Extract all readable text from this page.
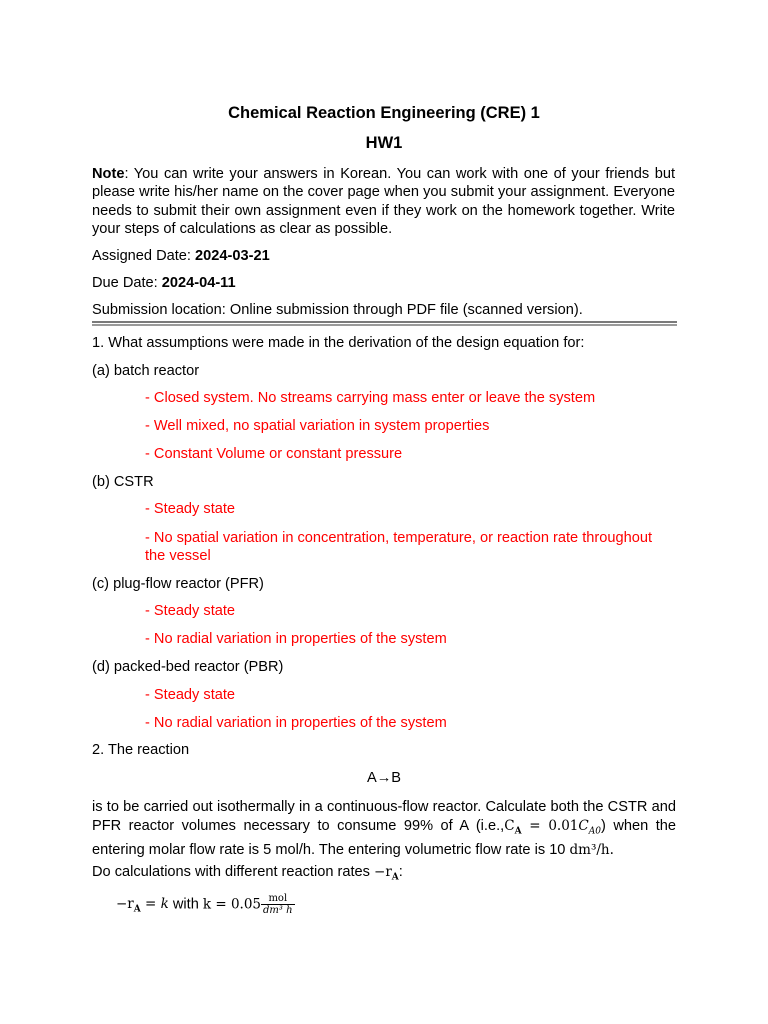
Chemical Reaction Engineering (CRE) 1
HW1
Note: You can write your answers in Korean. You can work with one of your friends but please write his/her name on the cover page when you submit your assignment. Everyone needs to submit their own assignment even if they work on the homework together. Write your steps of calculations as clear as possible.
Assigned Date: 2024-03-21
Due Date: 2024-04-11
Submission location: Online submission through PDF file (scanned version).
1. What assumptions were made in the derivation of the design equation for:
(a) batch reactor
- Closed system. No streams carrying mass enter or leave the system
- Well mixed, no spatial variation in system properties
- Constant Volume or constant pressure
(b) CSTR
- Steady state
- No spatial variation in concentration, temperature, or reaction rate throughout
the vessel
(c) plug-flow reactor (PFR)
- Steady state
- No radial variation in properties of the system
(d) packed-bed reactor (PBR)
- Steady state
- No radial variation in properties of the system
2. The reaction
A→B
is to be carried out isothermally in a continuous-flow reactor. Calculate both the CSTR and PFR reactor volumes necessary to consume 99% of A $(i.e.,C_A = 0.01C_{A0})$ when the entering molar flow rate is 5 mol/h. The entering volumetric flow rate is 10 dm³/h.
Do calculations with different reaction rates $-r_A$:
$-r_A = k$ with $k = 0.05 \frac{\text{mol}}{\text{dm³ h}}$
